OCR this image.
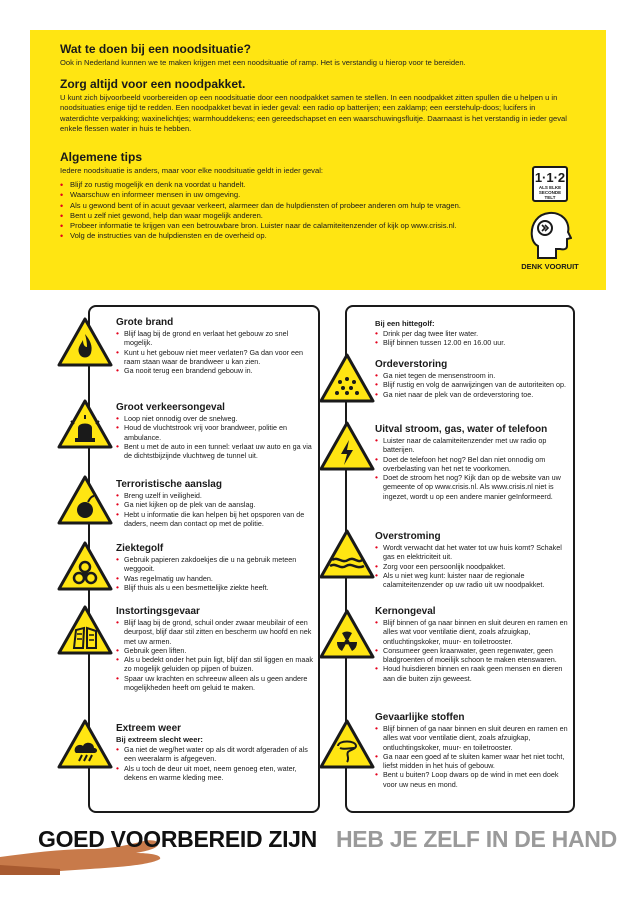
Wat te doen bij een noodsituatie?

Ook in Nederland kunnen we te maken krijgen met een noodsituatie of ramp. Het is verstandig u hierop voor te bereiden.

Zorg altijd voor een noodpakket.

U kunt zich bijvoorbeeld voorbereiden op een noodsituatie door een noodpakket samen te stellen. In een noodpakket zitten spullen die u helpen u in noodsituaties enige tijd te redden. Een noodpakket bevat in ieder geval: een radio op batterijen; een zaklamp; een eerstehulp-doos; lucifers in waterdichte verpakking; waxinelichtjes; warmhouddekens; een gereedschapset en een waarschuwingsfluitje. Daarnaast is het verstandig in ieder geval enkele flessen water in huis te hebben.

Algemene tips

Iedere noodsituatie is anders, maar voor elke noodsituatie geldt in ieder geval:

• Blijf zo rustig mogelijk en denk na voordat u handelt.
• Waarschuw en informeer mensen in uw omgeving.
• Als u gewond bent of in acuut gevaar verkeert, alarmeer dan de hulpdiensten of probeer anderen om hulp te vragen.
• Bent u zelf niet gewond, help dan waar mogelijk anderen.
• Probeer informatie te krijgen van een betrouwbare bron. Luister naar de calamiteitenzender of kijk op www.crisis.nl.
• Volg de instructies van de hulpdiensten en de overheid op.
1·1·2
ALS ELKE
SECONDE TELT
DENK VOORUIT
Grote brand
• Blijf laag bij de grond en verlaat het gebouw zo snel mogelijk.
• Kunt u het gebouw niet meer verlaten? Ga dan voor een raam staan waar de brandweer u kan zien.
• Ga nooit terug een brandend gebouw in.
Groot verkeersongeval
• Loop niet onnodig over de snelweg.
• Houd de vluchtstrook vrij voor brandweer, politie en ambulance.
• Bent u met de auto in een tunnel: verlaat uw auto en ga via de dichtstbijzijnde vluchtweg de tunnel uit.
Terroristische aanslag
• Breng uzelf in veiligheid.
• Ga niet kijken op de plek van de aanslag.
• Hebt u informatie die kan helpen bij het opsporen van de daders, neem dan contact op met de politie.
Ziektegolf
• Gebruik papieren zakdoekjes die u na gebruik meteen weggooit.
• Was regelmatig uw handen.
• Blijf thuis als u een besmettelijke ziekte heeft.
Instortingsgevaar
• Blijf laag bij de grond, schuil onder zwaar meubilair of een deurpost, blijf daar stil zitten en bescherm uw hoofd en nek met uw armen.
• Gebruik geen liften.
• Als u bedekt onder het puin ligt, blijf dan stil liggen en maak zo mogelijk geluiden op pijpen of buizen.
• Spaar uw krachten en schreeuw alleen als u geen andere mogelijkheden heeft om geluid te maken.
Extreem weer
Bij extreem slecht weer:
• Ga niet de weg/het water op als dit wordt afgeraden of als een weeralarm is afgegeven.
• Als u toch de deur uit moet, neem genoeg eten, water, dekens en warme kleding mee.
Bij een hittegolf:
• Drink per dag twee liter water.
• Blijf binnen tussen 12.00 en 16.00 uur.
Ordeverstoring
• Ga niet tegen de mensenstroom in.
• Blijf rustig en volg de aanwijzingen van de autoriteiten op.
• Ga niet naar de plek van de ordeverstoring toe.
Uitval stroom, gas, water of telefoon
• Luister naar de calamiteitenzender met uw radio op batterijen.
• Doet de telefoon het nog? Bel dan niet onnodig om overbelasting van het net te voorkomen.
• Doet de stroom het nog? Kijk dan op de website van uw gemeente of op www.crisis.nl. Als www.crisis.nl niet is ingezet, wordt u op een andere manier geïnformeerd.
Overstroming
• Wordt verwacht dat het water tot uw huis komt? Schakel gas en elektriciteit uit.
• Zorg voor een persoonlijk noodpakket.
• Als u niet weg kunt: luister naar de regionale calamiteitenzender op uw radio uit uw noodpakket.
Kernongeval
• Blijf binnen of ga naar binnen en sluit deuren en ramen en alles wat voor ventilatie dient, zoals afzuigkap, ontluchtingskoker, muur- en toiletrooster.
• Consumeer geen kraanwater, geen regenwater, geen bladgroenten of moeilijk schoon te maken etenswaren.
• Houd huisdieren binnen en raak geen mensen en dieren aan die buiten zijn geweest.
Gevaarlijke stoffen
• Blijf binnen of ga naar binnen en sluit deuren en ramen en alles wat voor ventilatie dient, zoals afzuigkap, ontluchtingskoker, muur- en toiletrooster.
• Ga naar een goed af te sluiten kamer waar het niet tocht, liefst midden in het huis of gebouw.
• Bent u buiten? Loop dwars op de wind in met een doek voor uw neus en mond.
GOED VOORBEREID ZIJN HEB JE ZELF IN DE HAND
